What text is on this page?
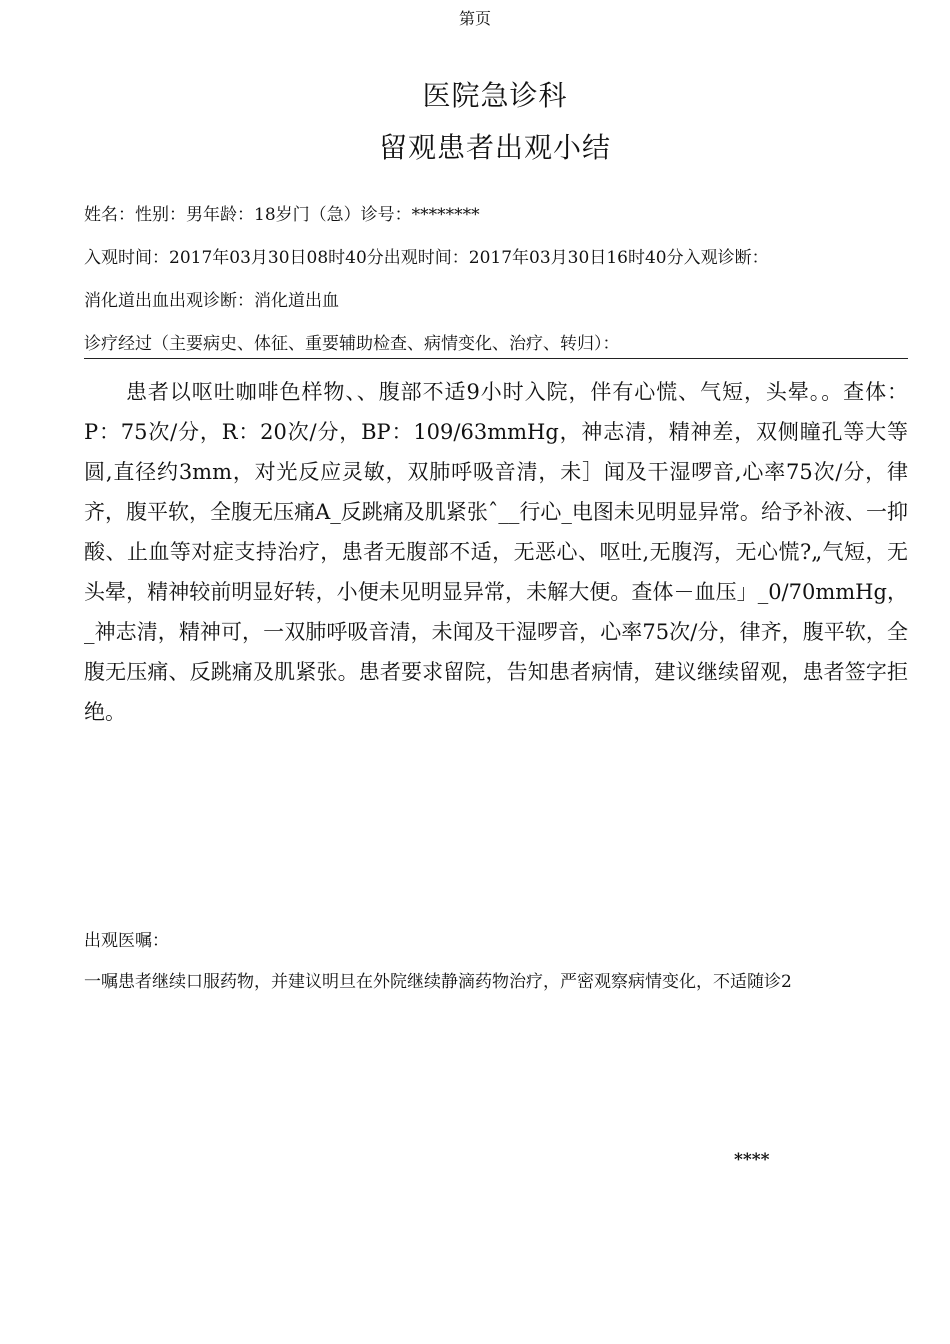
第页
医院急诊科
留观患者出观小结
姓名：性别：男年龄：18岁门（急）诊号：********
入观时间：2017年03月30日08时40分出观时间：2017年03月30日16时40分入观诊断：
消化道出血出观诊断：消化道出血
诊疗经过（主要病史、体征、重要辅助检查、病情变化、治疗、转归）：
患者以呕吐咖啡色样物、、腹部不适9小时入院，伴有心慌、气短，头晕。。查体：P：75次/分，R：20次/分，BP：109/63mmHg，神志清，精神差，双侧瞳孔等大等圆,直径约3mm，对光反应灵敏，双肺呼吸音清，未］闻及干湿啰音,心率75次/分，律齐，腹平软，全腹无压痛A_反跳痛及肌紧张ˆ__行心_电图未见明显异常。给予补液、一抑酸、止血等对症支持治疗，患者无腹部不适，无恶心、呕吐,无腹泻，无心慌?„气短，无头晕，精神较前明显好转，小便未见明显异常，未解大便。查体－血压」_0/70mmHg，_神志清，精神可，一双肺呼吸音清，未闻及干湿啰音，心率75次/分，律齐，腹平软，全腹无压痛、反跳痛及肌紧张。患者要求留院，告知患者病情，建议继续留观，患者签字拒绝。
出观医嘱：
一嘱患者继续口服药物，并建议明旦在外院继续静滴药物治疗，严密观察病情变化，不适随诊2
****
